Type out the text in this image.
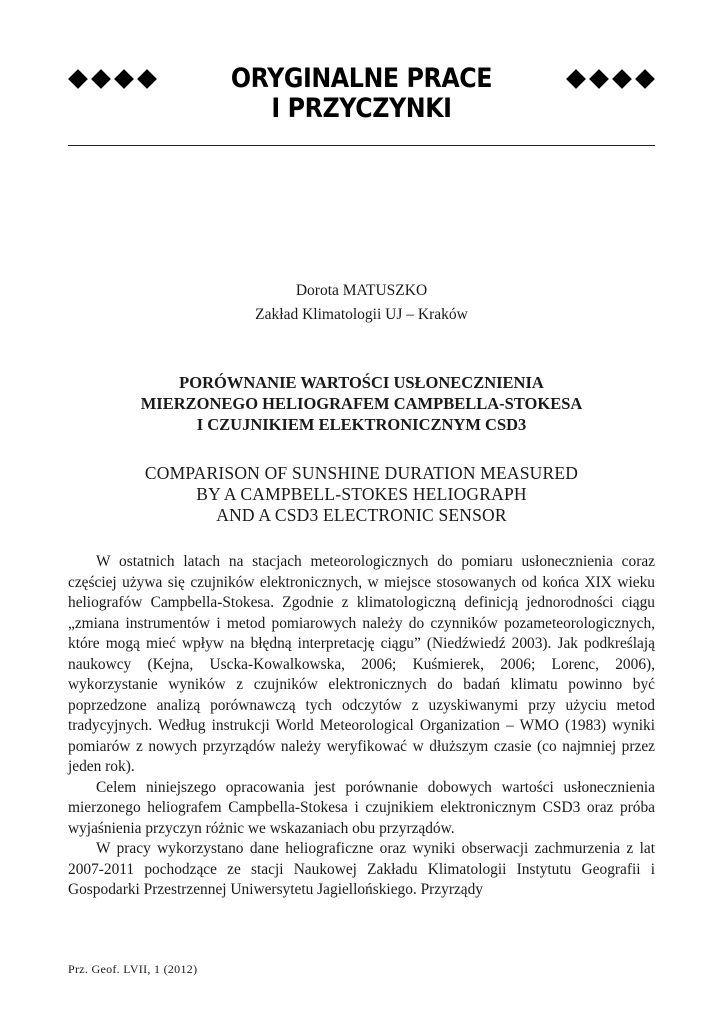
ORYGINALNE PRACE
I PRZYCZYNKI
Dorota MATUSZKO
Zakład Klimatologii UJ – Kraków
PORÓWNANIE WARTOŚCI USŁONECZNIENIA
MIERZONEGO HELIOGRAFEM CAMPBELLA-STOKESA
I CZUJNIKIEM ELEKTRONICZNYM CSD3
COMPARISON OF SUNSHINE DURATION MEASURED
BY A CAMPBELL-STOKES HELIOGRAPH
AND A CSD3 ELECTRONIC SENSOR

W ostatnich latach na stacjach meteorologicznych do pomiaru usłonecznienia coraz częściej używa się czujników elektronicznych, w miejsce stosowanych od końca XIX wieku heliografów Campbella-Stokesa. Zgodnie z klimatologiczną definicją jednorodności ciągu „zmiana instrumentów i metod pomiarowych należy do czynników pozameteorologicznych, które mogą mieć wpływ na błędną interpretację ciągu” (Niedźwiedź 2003). Jak podkreślają naukowcy (Kejna, Uscka-Kowalkowska, 2006; Kuśmierek, 2006; Lorenc, 2006), wykorzystanie wyników z czujników elektronicznych do badań klimatu powinno być poprzedzone analizą porównawczą tych odczytów z uzyskiwanymi przy użyciu metod tradycyjnych. Według instrukcji World Meteorological Organization – WMO (1983) wyniki pomiarów z nowych przyrządów należy weryfikować w dłuższym czasie (co najmniej przez jeden rok).

Celem niniejszego opracowania jest porównanie dobowych wartości usłonecznienia mierzonego heliografem Campbella-Stokesa i czujnikiem elektronicznym CSD3 oraz próba wyjaśnienia przyczyn różnic we wskazaniach obu przyrządów.

W pracy wykorzystano dane heliograficzne oraz wyniki obserwacji zachmurzenia z lat 2007-2011 pochodzące ze stacji Naukowej Zakładu Klimatologii Instytutu Geografii i Gospodarki Przestrzennej Uniwersytetu Jagiellońskiego. Przyrządy

Prz. Geof. LVII, 1 (2012)
